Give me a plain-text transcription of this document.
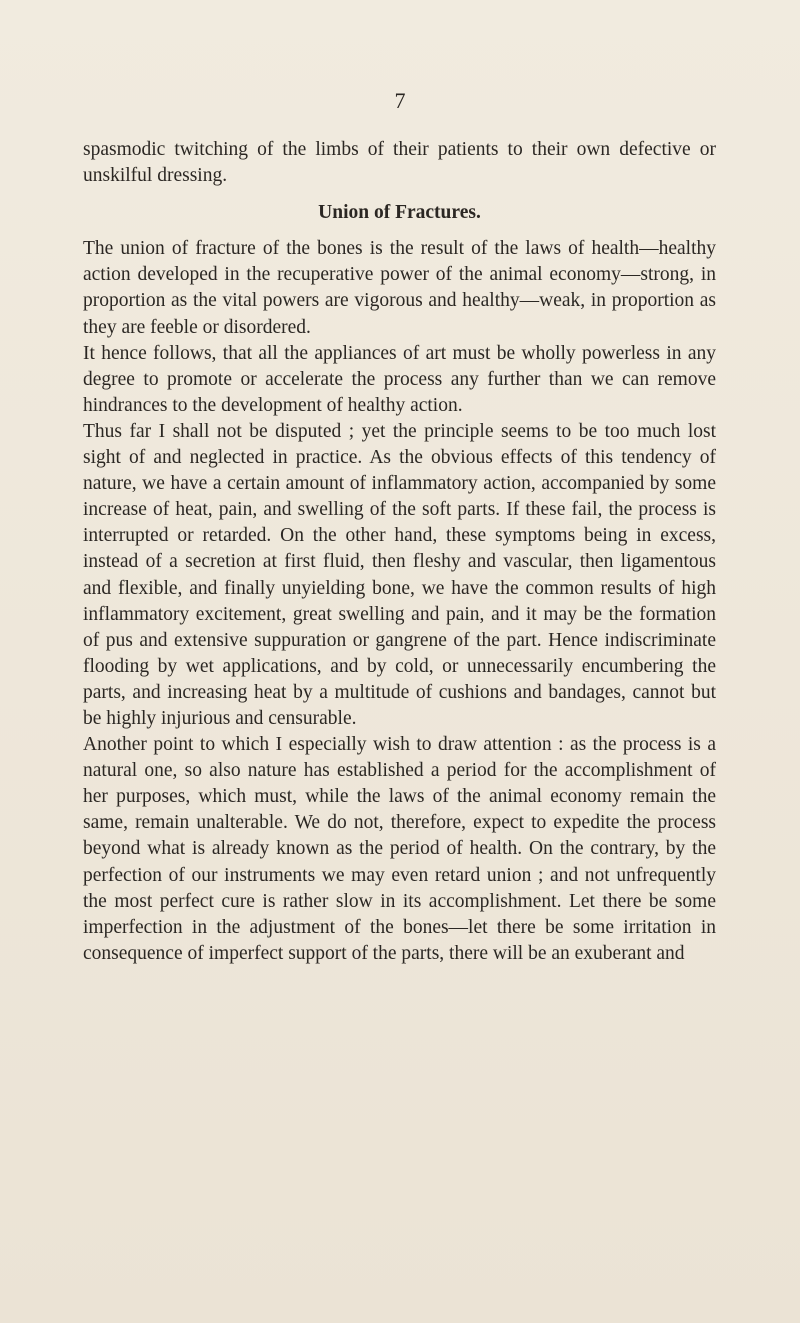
7

spasmodic twitching of the limbs of their patients to their own defective or unskilful dressing.

Union of Fractures.

The union of fracture of the bones is the result of the laws of health—healthy action developed in the recuperative power of the animal economy—strong, in proportion as the vital powers are vigorous and healthy—weak, in proportion as they are feeble or disordered.

It hence follows, that all the appliances of art must be wholly powerless in any degree to promote or accelerate the process any further than we can remove hindrances to the development of healthy action.

Thus far I shall not be disputed ; yet the principle seems to be too much lost sight of and neglected in practice. As the obvious effects of this tendency of nature, we have a certain amount of inflammatory action, accompanied by some increase of heat, pain, and swelling of the soft parts. If these fail, the process is interrupted or retarded. On the other hand, these symptoms being in excess, instead of a secretion at first fluid, then fleshy and vascular, then ligamentous and flexible, and finally unyielding bone, we have the common results of high inflammatory excitement, great swelling and pain, and it may be the formation of pus and extensive suppuration or gangrene of the part. Hence indiscriminate flooding by wet applications, and by cold, or unnecessarily encumbering the parts, and increasing heat by a multitude of cushions and bandages, cannot but be highly injurious and censurable.

Another point to which I especially wish to draw attention : as the process is a natural one, so also nature has established a period for the accomplishment of her purposes, which must, while the laws of the animal economy remain the same, remain unalterable. We do not, therefore, expect to expedite the process beyond what is already known as the period of health. On the contrary, by the perfection of our instruments we may even retard union ; and not unfrequently the most perfect cure is rather slow in its accomplishment. Let there be some imperfection in the adjustment of the bones—let there be some irritation in consequence of imperfect support of the parts, there will be an exuberant and
